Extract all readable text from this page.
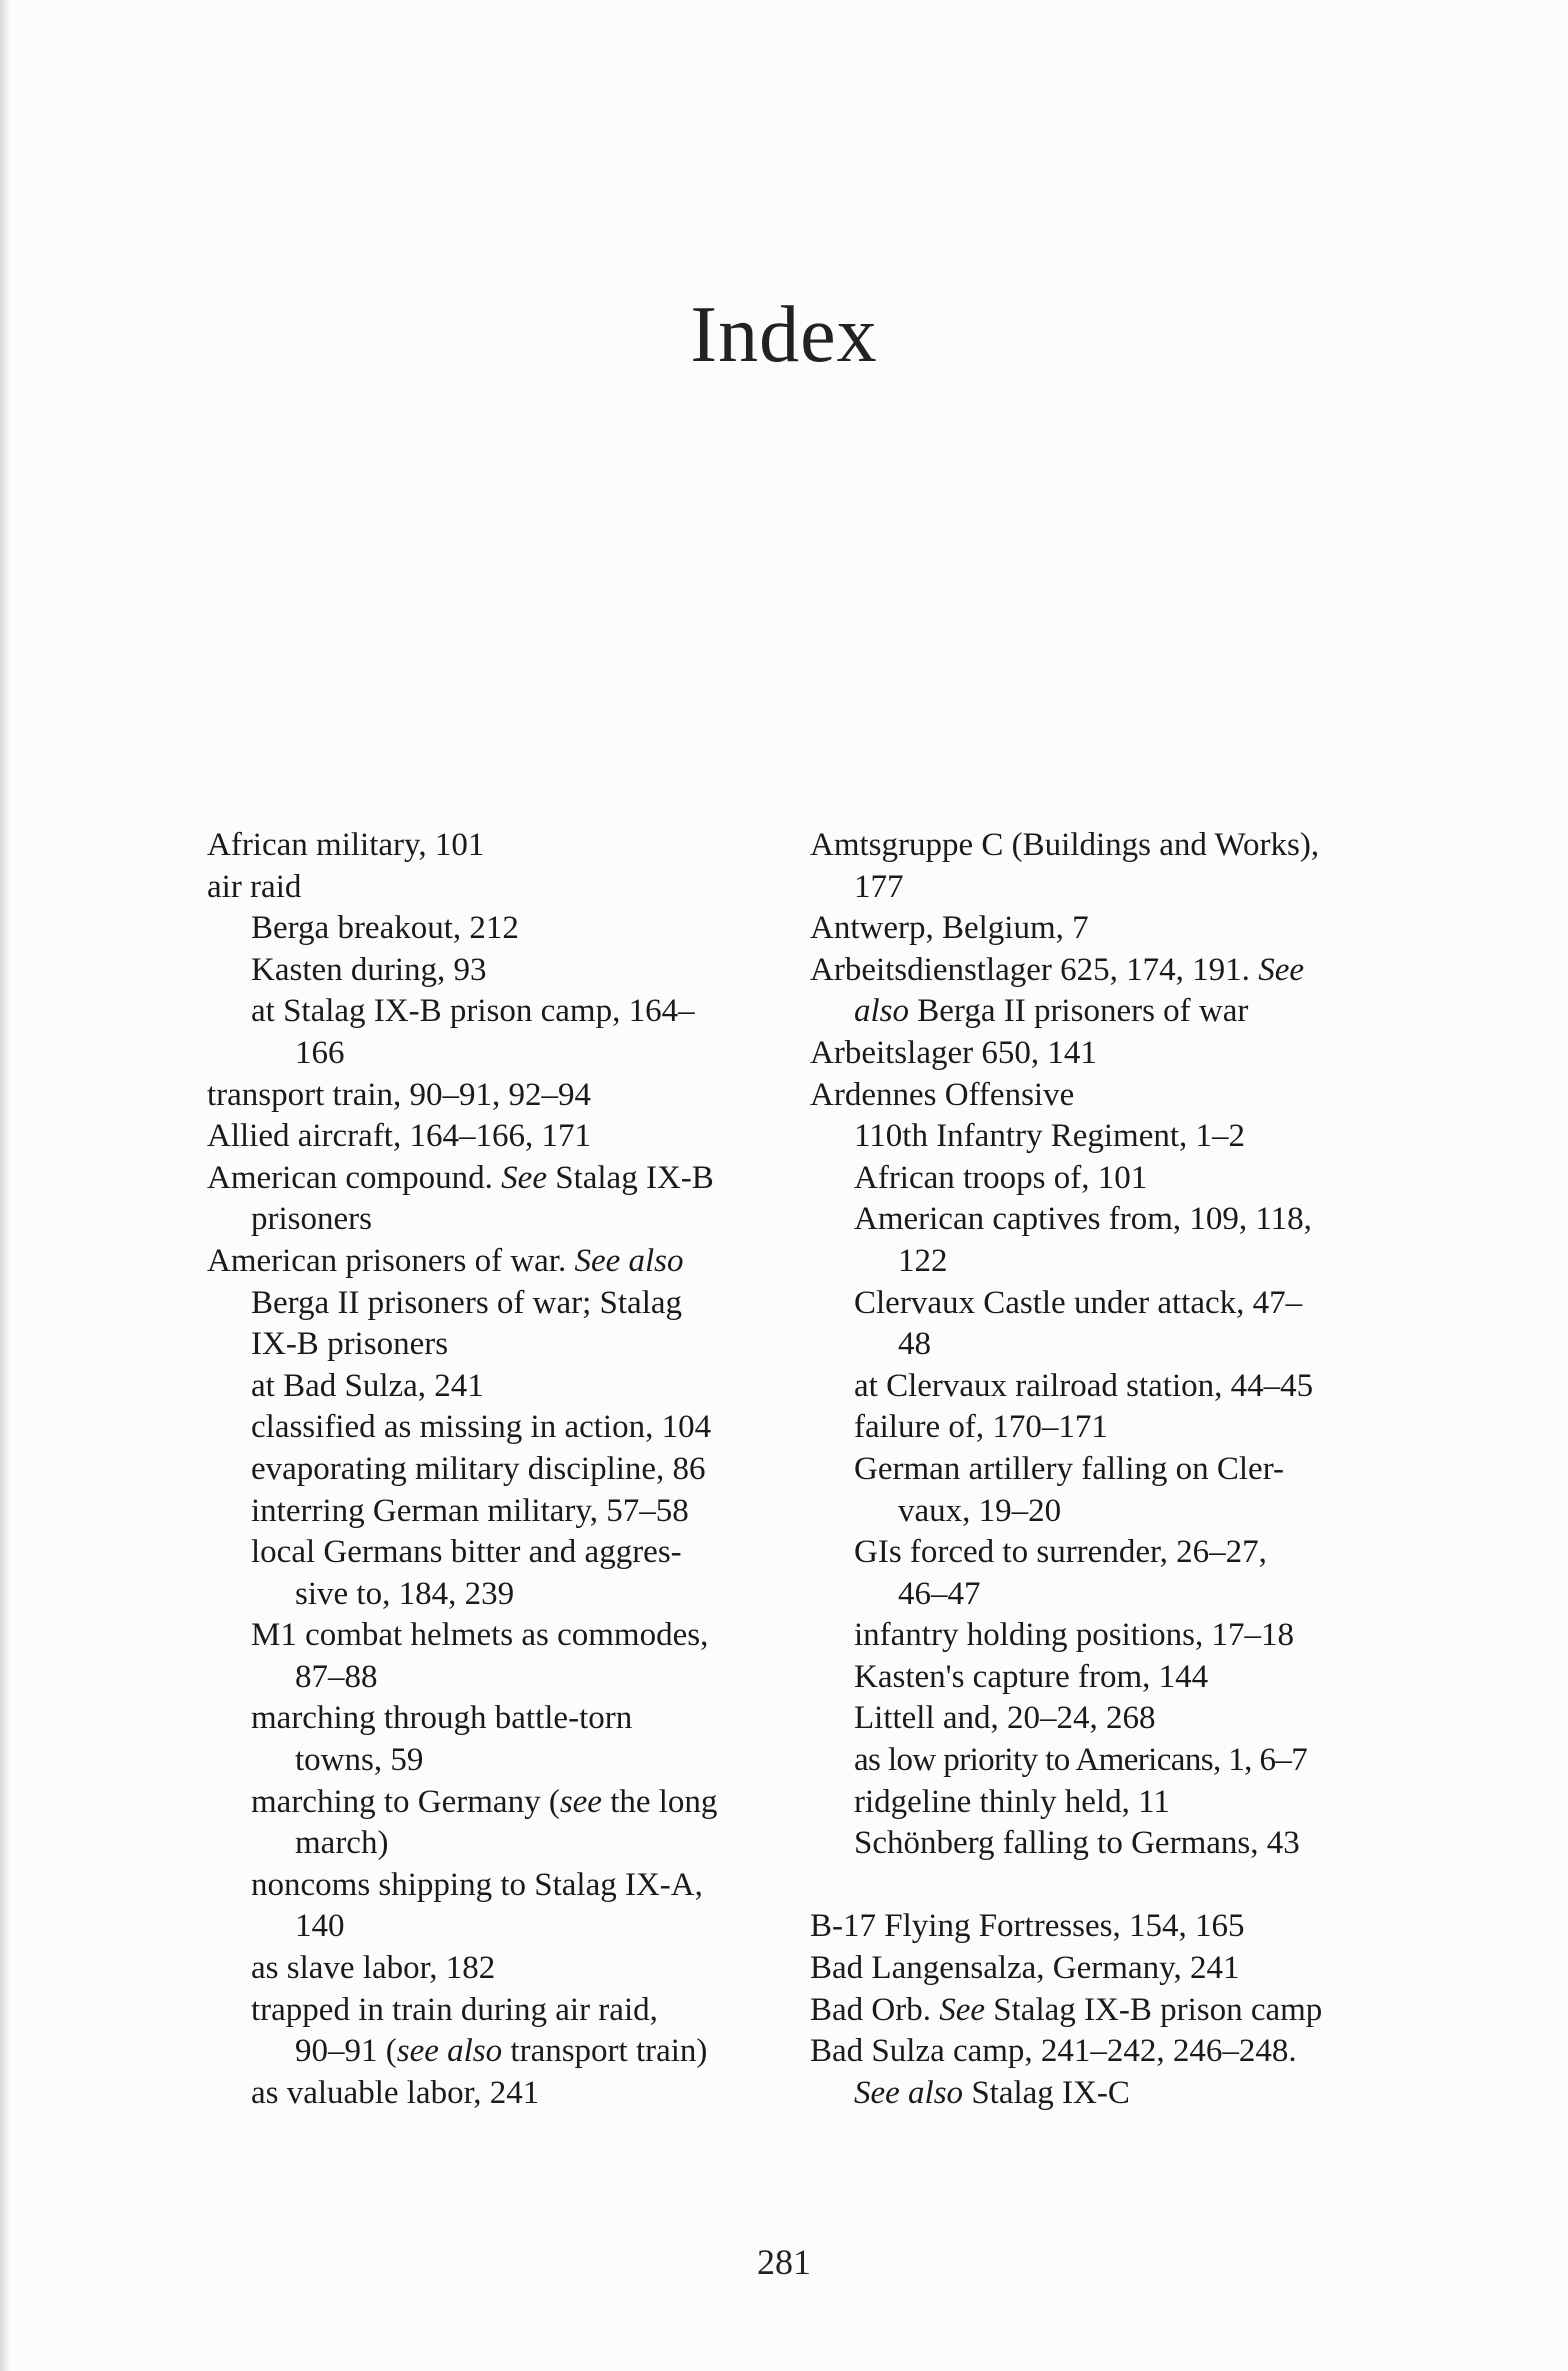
Index
African military, 101
air raid
Berga breakout, 212
Kasten during, 93
at Stalag IX-B prison camp, 164–
166
transport train, 90–91, 92–94
Allied aircraft, 164–166, 171
American compound. See Stalag IX-B
prisoners
American prisoners of war. See also
Berga II prisoners of war; Stalag
IX-B prisoners
at Bad Sulza, 241
classified as missing in action, 104
evaporating military discipline, 86
interring German military, 57–58
local Germans bitter and aggres-
sive to, 184, 239
M1 combat helmets as commodes,
87–88
marching through battle-torn
towns, 59
marching to Germany (see the long
march)
noncoms shipping to Stalag IX-A,
140
as slave labor, 182
trapped in train during air raid,
90–91 (see also transport train)
as valuable labor, 241
Amtsgruppe C (Buildings and Works),
177
Antwerp, Belgium, 7
Arbeitsdienstlager 625, 174, 191. See
also Berga II prisoners of war
Arbeitslager 650, 141
Ardennes Offensive
110th Infantry Regiment, 1–2
African troops of, 101
American captives from, 109, 118,
122
Clervaux Castle under attack, 47–
48
at Clervaux railroad station, 44–45
failure of, 170–171
German artillery falling on Cler-
vaux, 19–20
GIs forced to surrender, 26–27,
46–47
infantry holding positions, 17–18
Kasten's capture from, 144
Littell and, 20–24, 268
as low priority to Americans, 1, 6–7
ridgeline thinly held, 11
Schönberg falling to Germans, 43
B-17 Flying Fortresses, 154, 165
Bad Langensalza, Germany, 241
Bad Orb. See Stalag IX-B prison camp
Bad Sulza camp, 241–242, 246–248.
See also Stalag IX-C
281
